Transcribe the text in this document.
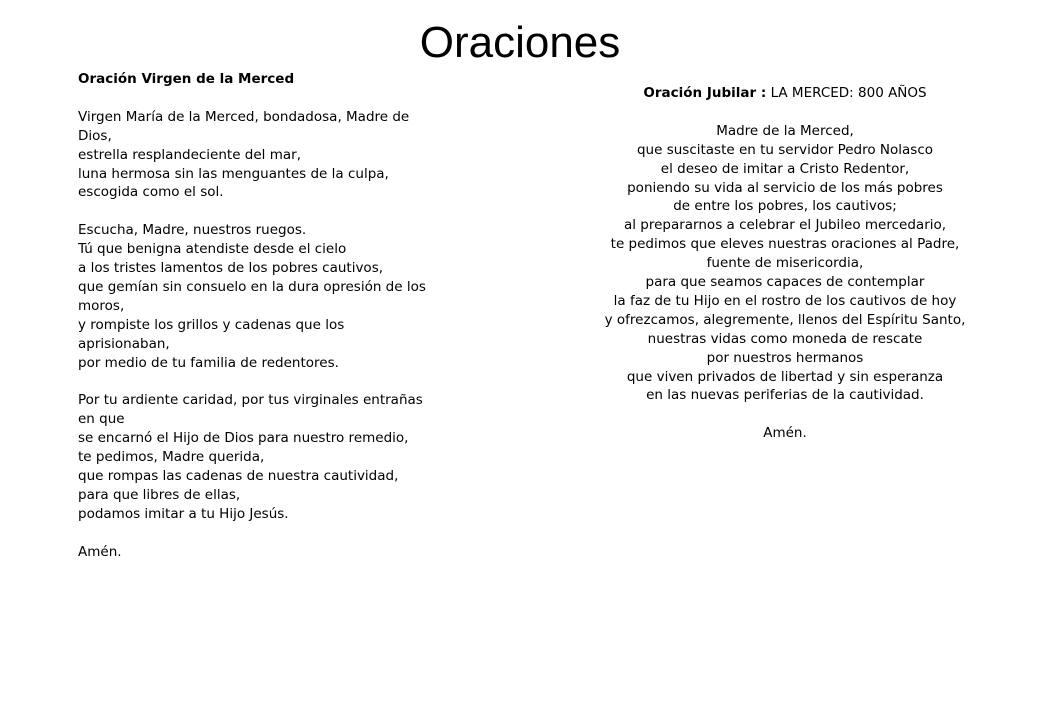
Oraciones
Oración Virgen de la Merced
Virgen María de la Merced, bondadosa, Madre de Dios,
estrella resplandeciente del mar,
luna hermosa sin las menguantes de la culpa,
escogida como el sol.
Escucha, Madre, nuestros ruegos.
Tú que benigna atendiste desde el cielo
a los tristes lamentos de los pobres cautivos,
que gemían sin consuelo en la dura opresión de los moros,
y rompiste los grillos y cadenas que los aprisionaban,
por medio de tu familia de redentores.
Por tu ardiente caridad, por tus virginales entrañas en que
se encarnó el Hijo de Dios para nuestro remedio,
te pedimos, Madre querida,
que rompas las cadenas de nuestra cautividad,
para que libres de ellas,
podamos imitar a tu Hijo Jesús.
Amén.
Oración Jubilar : LA MERCED: 800 AÑOS
Madre de la Merced,
que suscitaste en tu servidor Pedro Nolasco
el deseo de imitar a Cristo Redentor,
poniendo su vida al servicio de los más pobres
de entre los pobres, los cautivos;
al prepararnos a celebrar el Jubileo mercedario,
te pedimos que eleves nuestras oraciones al Padre,
fuente de misericordia,
para que seamos capaces de contemplar
la faz de tu Hijo en el rostro de los cautivos de hoy
y ofrezcamos, alegremente, llenos del Espíritu Santo,
nuestras vidas como moneda de rescate
por nuestros hermanos
que viven privados de libertad y sin esperanza
en las nuevas periferias de la cautividad.
Amén.
